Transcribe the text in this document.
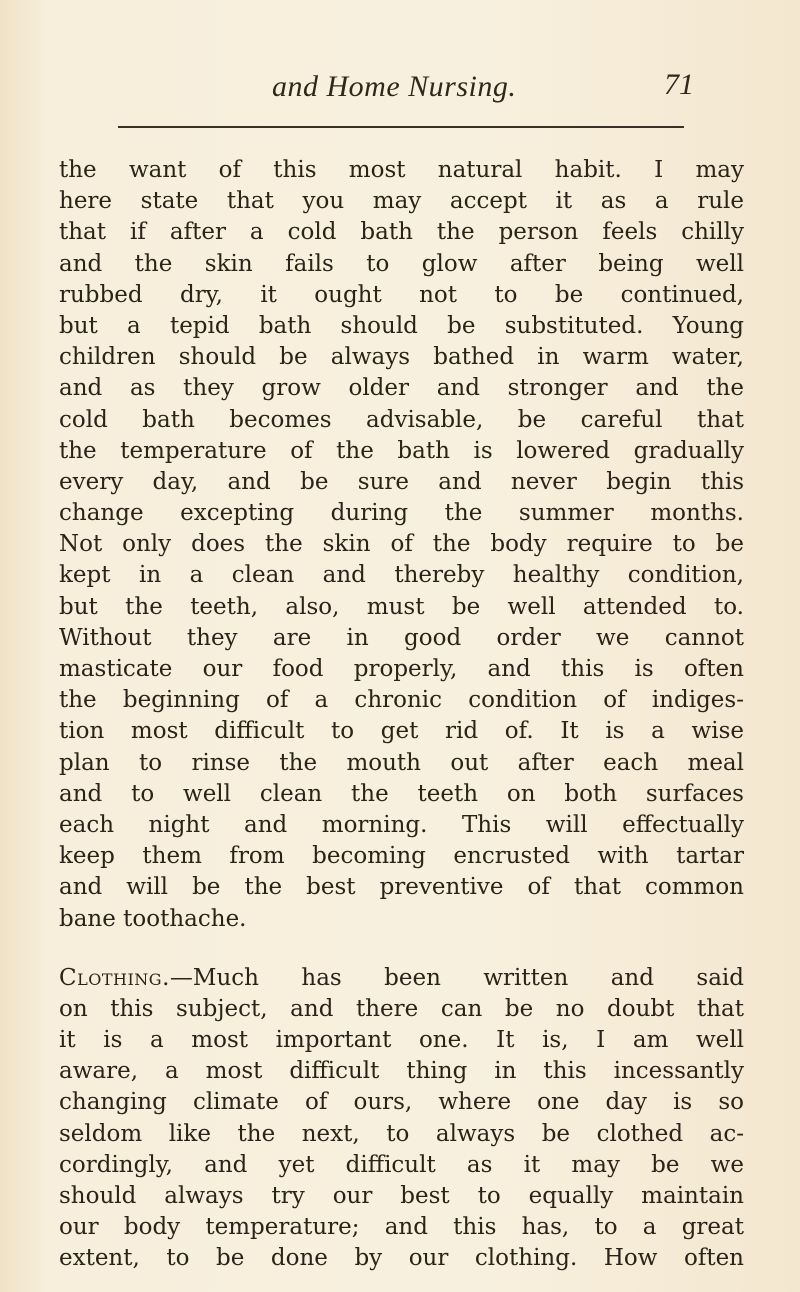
and Home Nursing.	71
the want of this most natural habit. I may
here state that you may accept it as a rule
that if after a cold bath the person feels chilly
and the skin fails to glow after being well
rubbed dry, it ought not to be continued,
but a tepid bath should be substituted. Young
children should be always bathed in warm water,
and as they grow older and stronger and the
cold bath becomes advisable, be careful that
the temperature of the bath is lowered gradually
every day, and be sure and never begin this
change excepting during the summer months.
Not only does the skin of the body require to be
kept in a clean and thereby healthy condition,
but the teeth, also, must be well attended to.
Without they are in good order we cannot
masticate our food properly, and this is often
the beginning of a chronic condition of indiges-
tion most difficult to get rid of. It is a wise
plan to rinse the mouth out after each meal
and to well clean the teeth on both surfaces
each night and morning. This will effectually
keep them from becoming encrusted with tartar
and will be the best preventive of that common
bane toothache.
Clothing.—Much has been written and said
on this subject, and there can be no doubt that
it is a most important one. It is, I am well
aware, a most difficult thing in this incessantly
changing climate of ours, where one day is so
seldom like the next, to always be clothed ac-
cordingly, and yet difficult as it may be we
should always try our best to equally maintain
our body temperature; and this has, to a great
extent, to be done by our clothing. How often
